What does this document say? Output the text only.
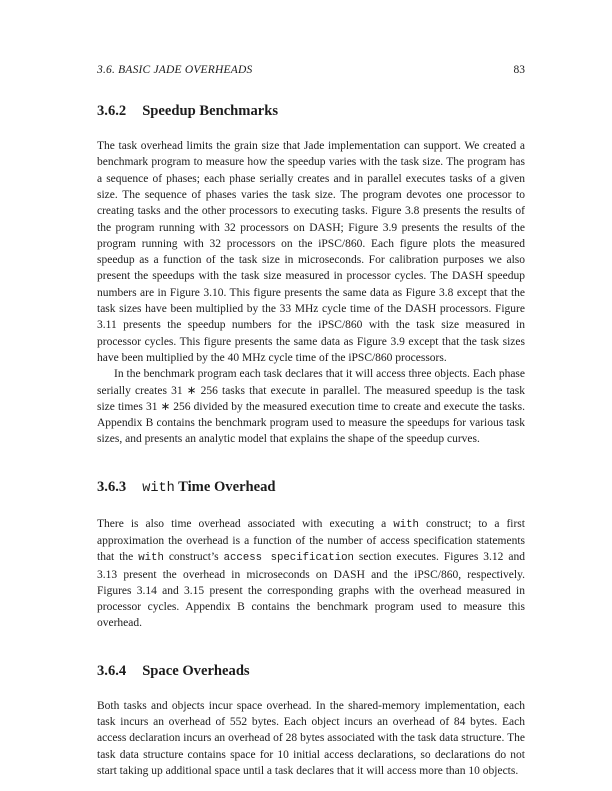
3.6. BASIC JADE OVERHEADS	83
3.6.2 Speedup Benchmarks

The task overhead limits the grain size that Jade implementation can support. We created a benchmark program to measure how the speedup varies with the task size. The program has a sequence of phases; each phase serially creates and in parallel executes tasks of a given size. The sequence of phases varies the task size. The program devotes one processor to creating tasks and the other processors to executing tasks. Figure 3.8 presents the results of the program running with 32 processors on DASH; Figure 3.9 presents the results of the program running with 32 processors on the iPSC/860. Each figure plots the measured speedup as a function of the task size in microseconds. For calibration purposes we also present the speedups with the task size measured in processor cycles. The DASH speedup numbers are in Figure 3.10. This figure presents the same data as Figure 3.8 except that the task sizes have been multiplied by the 33 MHz cycle time of the DASH processors. Figure 3.11 presents the speedup numbers for the iPSC/860 with the task size measured in processor cycles. This figure presents the same data as Figure 3.9 except that the task sizes have been multiplied by the 40 MHz cycle time of the iPSC/860 processors.

In the benchmark program each task declares that it will access three objects. Each phase serially creates 31 ∗ 256 tasks that execute in parallel. The measured speedup is the task size times 31 ∗ 256 divided by the measured execution time to create and execute the tasks. Appendix B contains the benchmark program used to measure the speedups for various task sizes, and presents an analytic model that explains the shape of the speedup curves.

3.6.3 with Time Overhead

There is also time overhead associated with executing a with construct; to a first approximation the overhead is a function of the number of access specification statements that the with construct’s access specification section executes. Figures 3.12 and 3.13 present the overhead in microseconds on DASH and the iPSC/860, respectively. Figures 3.14 and 3.15 present the corresponding graphs with the overhead measured in processor cycles. Appendix B contains the benchmark program used to measure this overhead.

3.6.4 Space Overheads

Both tasks and objects incur space overhead. In the shared-memory implementation, each task incurs an overhead of 552 bytes. Each object incurs an overhead of 84 bytes. Each access declaration incurs an overhead of 28 bytes associated with the task data structure. The task data structure contains space for 10 initial access declarations, so declarations do not start taking up additional space until a task declares that it will access more than 10 objects.
